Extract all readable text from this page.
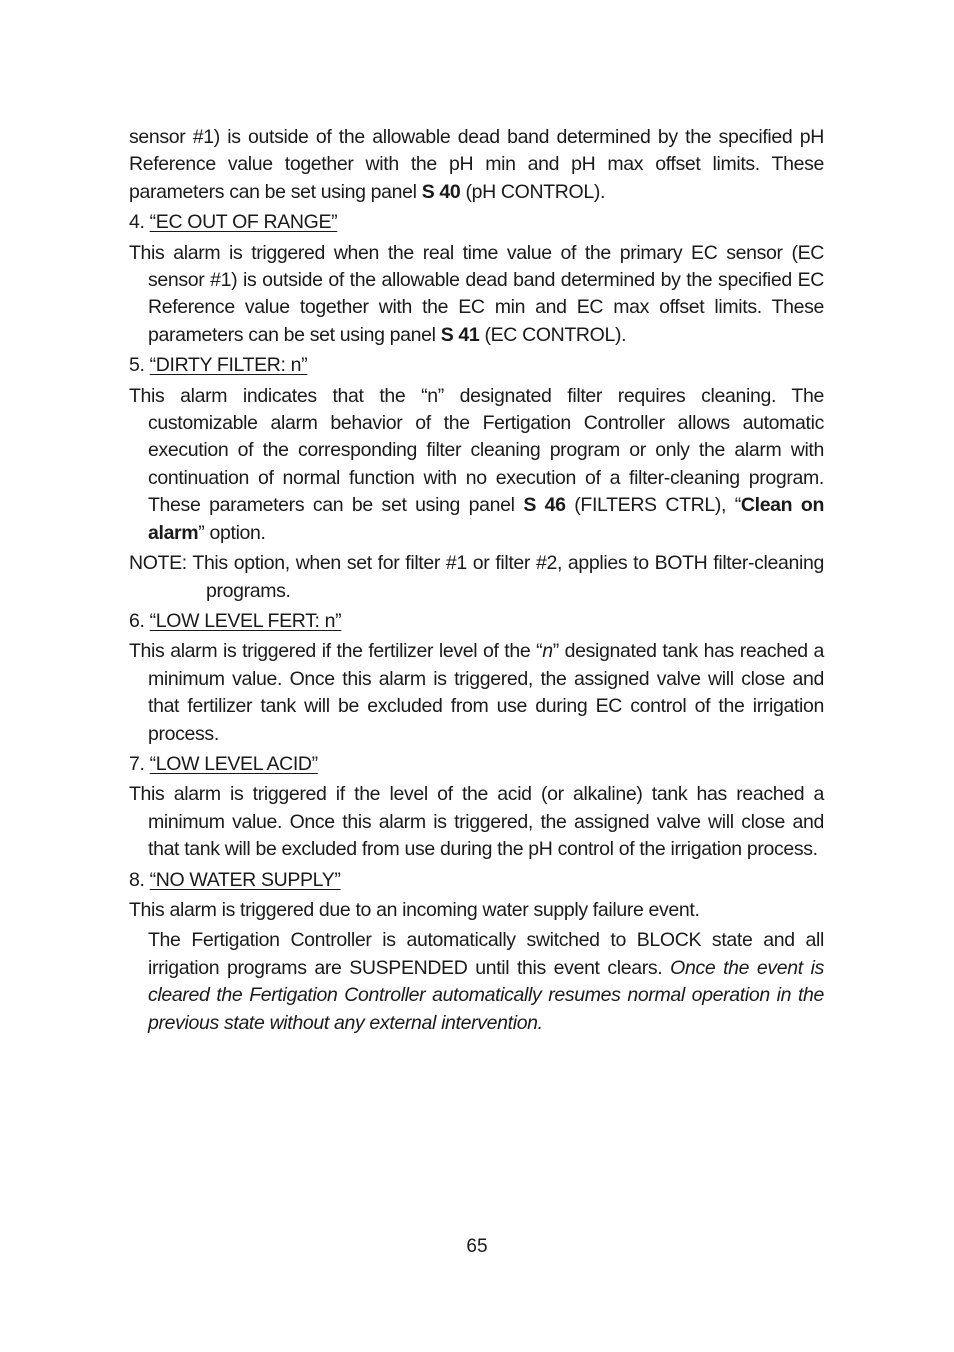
sensor #1) is outside of the allowable dead band determined by the specified pH Reference value together with the pH min and pH max offset limits. These parameters can be set using panel S 40 (pH CONTROL).

4. “EC OUT OF RANGE”

This alarm is triggered when the real time value of the primary EC sensor (EC sensor #1) is outside of the allowable dead band determined by the specified EC Reference value together with the EC min and EC max offset limits. These parameters can be set using panel S 41 (EC CONTROL).

5. “DIRTY FILTER: n”

This alarm indicates that the “n” designated filter requires cleaning. The customizable alarm behavior of the Fertigation Controller allows automatic execution of the corresponding filter cleaning program or only the alarm with continuation of normal function with no execution of a filter-cleaning program. These parameters can be set using panel S 46 (FILTERS CTRL), “Clean on alarm” option.

NOTE: This option, when set for filter #1 or filter #2, applies to BOTH filter-cleaning programs.

6. “LOW LEVEL FERT: n”

This alarm is triggered if the fertilizer level of the “n” designated tank has reached a minimum value. Once this alarm is triggered, the assigned valve will close and that fertilizer tank will be excluded from use during EC control of the irrigation process.

7. “LOW LEVEL ACID”

This alarm is triggered if the level of the acid (or alkaline) tank has reached a minimum value. Once this alarm is triggered, the assigned valve will close and that tank will be excluded from use during the pH control of the irrigation process.

8. “NO WATER SUPPLY”

This alarm is triggered due to an incoming water supply failure event.

The Fertigation Controller is automatically switched to BLOCK state and all irrigation programs are SUSPENDED until this event clears. Once the event is cleared the Fertigation Controller automatically resumes normal operation in the previous state without any external intervention.

65
